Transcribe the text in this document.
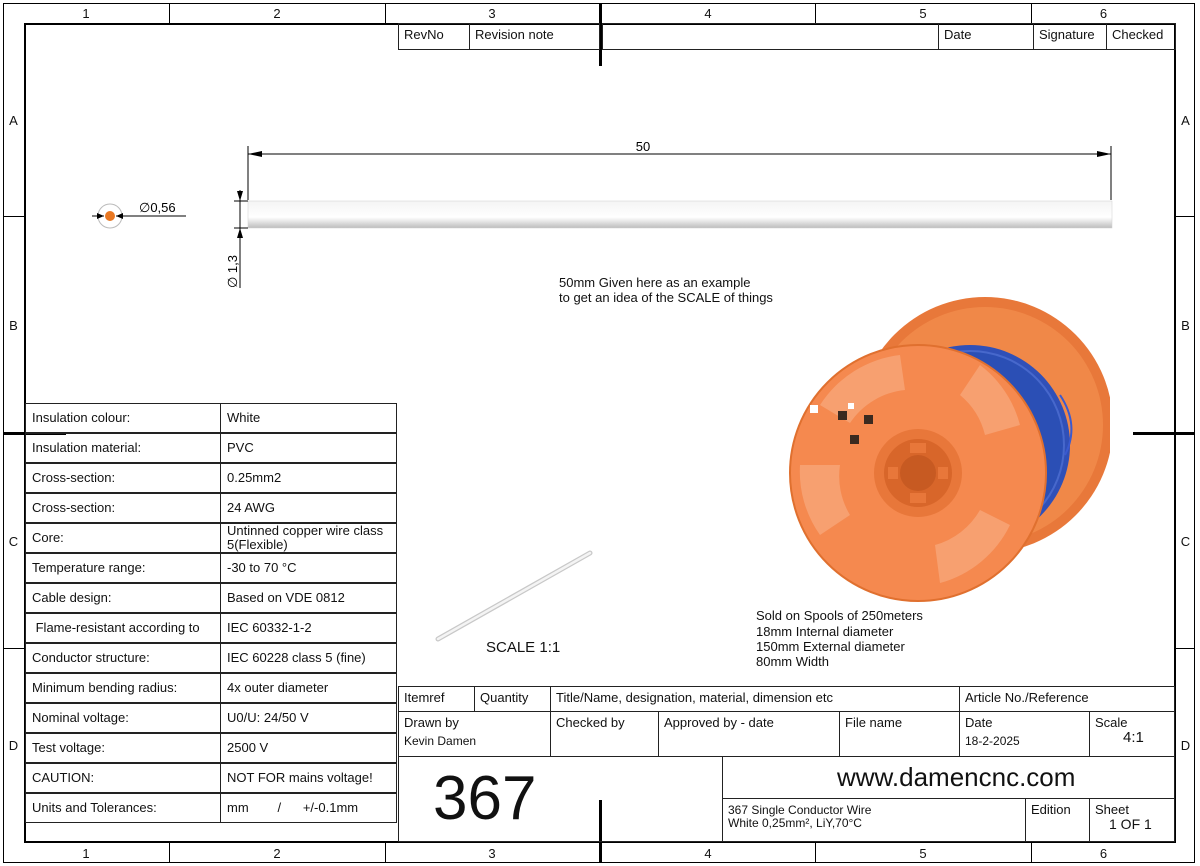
1	2	3	4	5	6
1	2	3	4	5	6
A
B
C
D
A
B
C
D
RevNo	Revision note	Date	Signature	Checked
50
∅ 1,3
∅0,56
50mm Given here as an example
to get an idea of the SCALE of things
Sold on Spools of 250meters
18mm Internal diameter
150mm External diameter
80mm Width
SCALE 1:1
Insulation colour:	White
Insulation material:	PVC
Cross-section:	0.25mm2
Cross-section:	24 AWG
Core:	Untinned copper wire class 5(Flexible)
Temperature range:	-30 to 70 °C
Cable design:	Based on VDE 0812
Flame-resistant according to	IEC 60332-1-2
Conductor structure:	IEC 60228 class 5 (fine)
Minimum bending radius:	4x outer diameter
Nominal voltage:	U0/U: 24/50 V
Test voltage:	2500 V
CAUTION:	NOT FOR mains voltage!
Units and Tolerances:	mm        /      +/-0.1mm
Itemref	Quantity	Title/Name, designation, material, dimension etc	Article No./Reference
Drawn by
Kevin Damen
Checked by	Approved by - date	File name	Date
18-2-2025
Scale
4:1
367	www.damencnc.com
367 Single Conductor Wire
White 0,25mm², LiY,70°C
Edition	Sheet
1 OF 1
